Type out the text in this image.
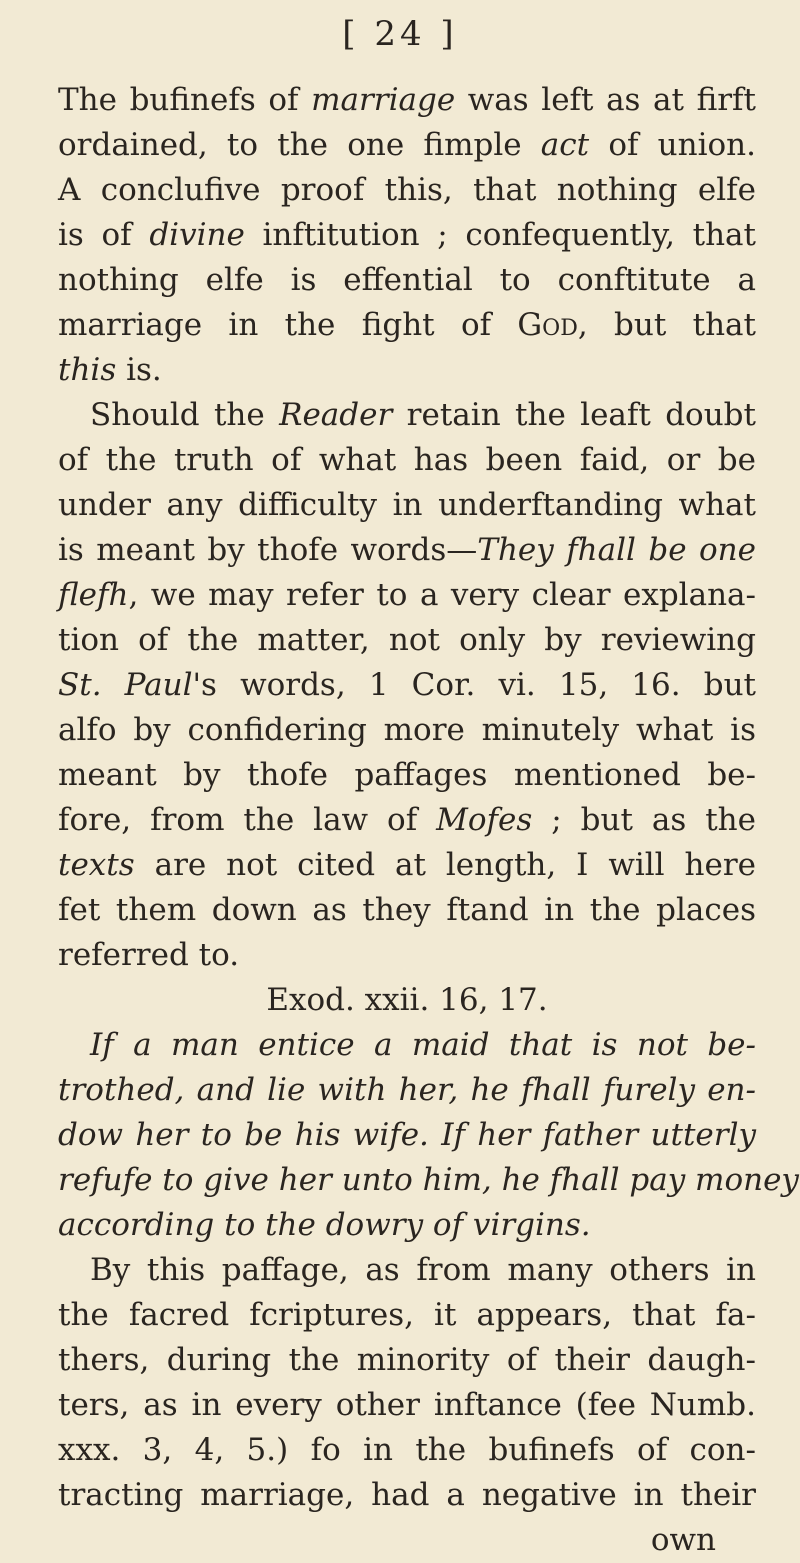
[ 24 ]
The bufinefs of marriage was left as at firft
ordained, to the one fimple act of union.
A conclufive proof this, that nothing elfe
is of divine inftitution ; confequently, that
nothing elfe is effential to conftitute a
marriage in the fight of God, but that
this is.
Should the Reader retain the leaft doubt
of the truth of what has been faid, or be
under any difficulty in underftanding what
is meant by thofe words—They fhall be one
flefh, we may refer to a very clear explana-
tion of the matter, not only by reviewing
St. Paul's words, 1 Cor. vi. 15, 16. but
alfo by confidering more minutely what is
meant by thofe paffages mentioned be-
fore, from the law of Mofes ; but as the
texts are not cited at length, I will here
fet them down as they ftand in the places
referred to.
Exod. xxii. 16, 17.
If a man entice a maid that is not be-
trothed, and lie with her, he fhall furely en-
dow her to be his wife. If her father utterly
refufe to give her unto him, he fhall pay money
according to the dowry of virgins.
By this paffage, as from many others in
the facred fcriptures, it appears, that fa-
thers, during the minority of their daugh-
ters, as in every other inftance (fee Numb.
xxx. 3, 4, 5.) fo in the bufinefs of con-
tracting marriage, had a negative in their
own
